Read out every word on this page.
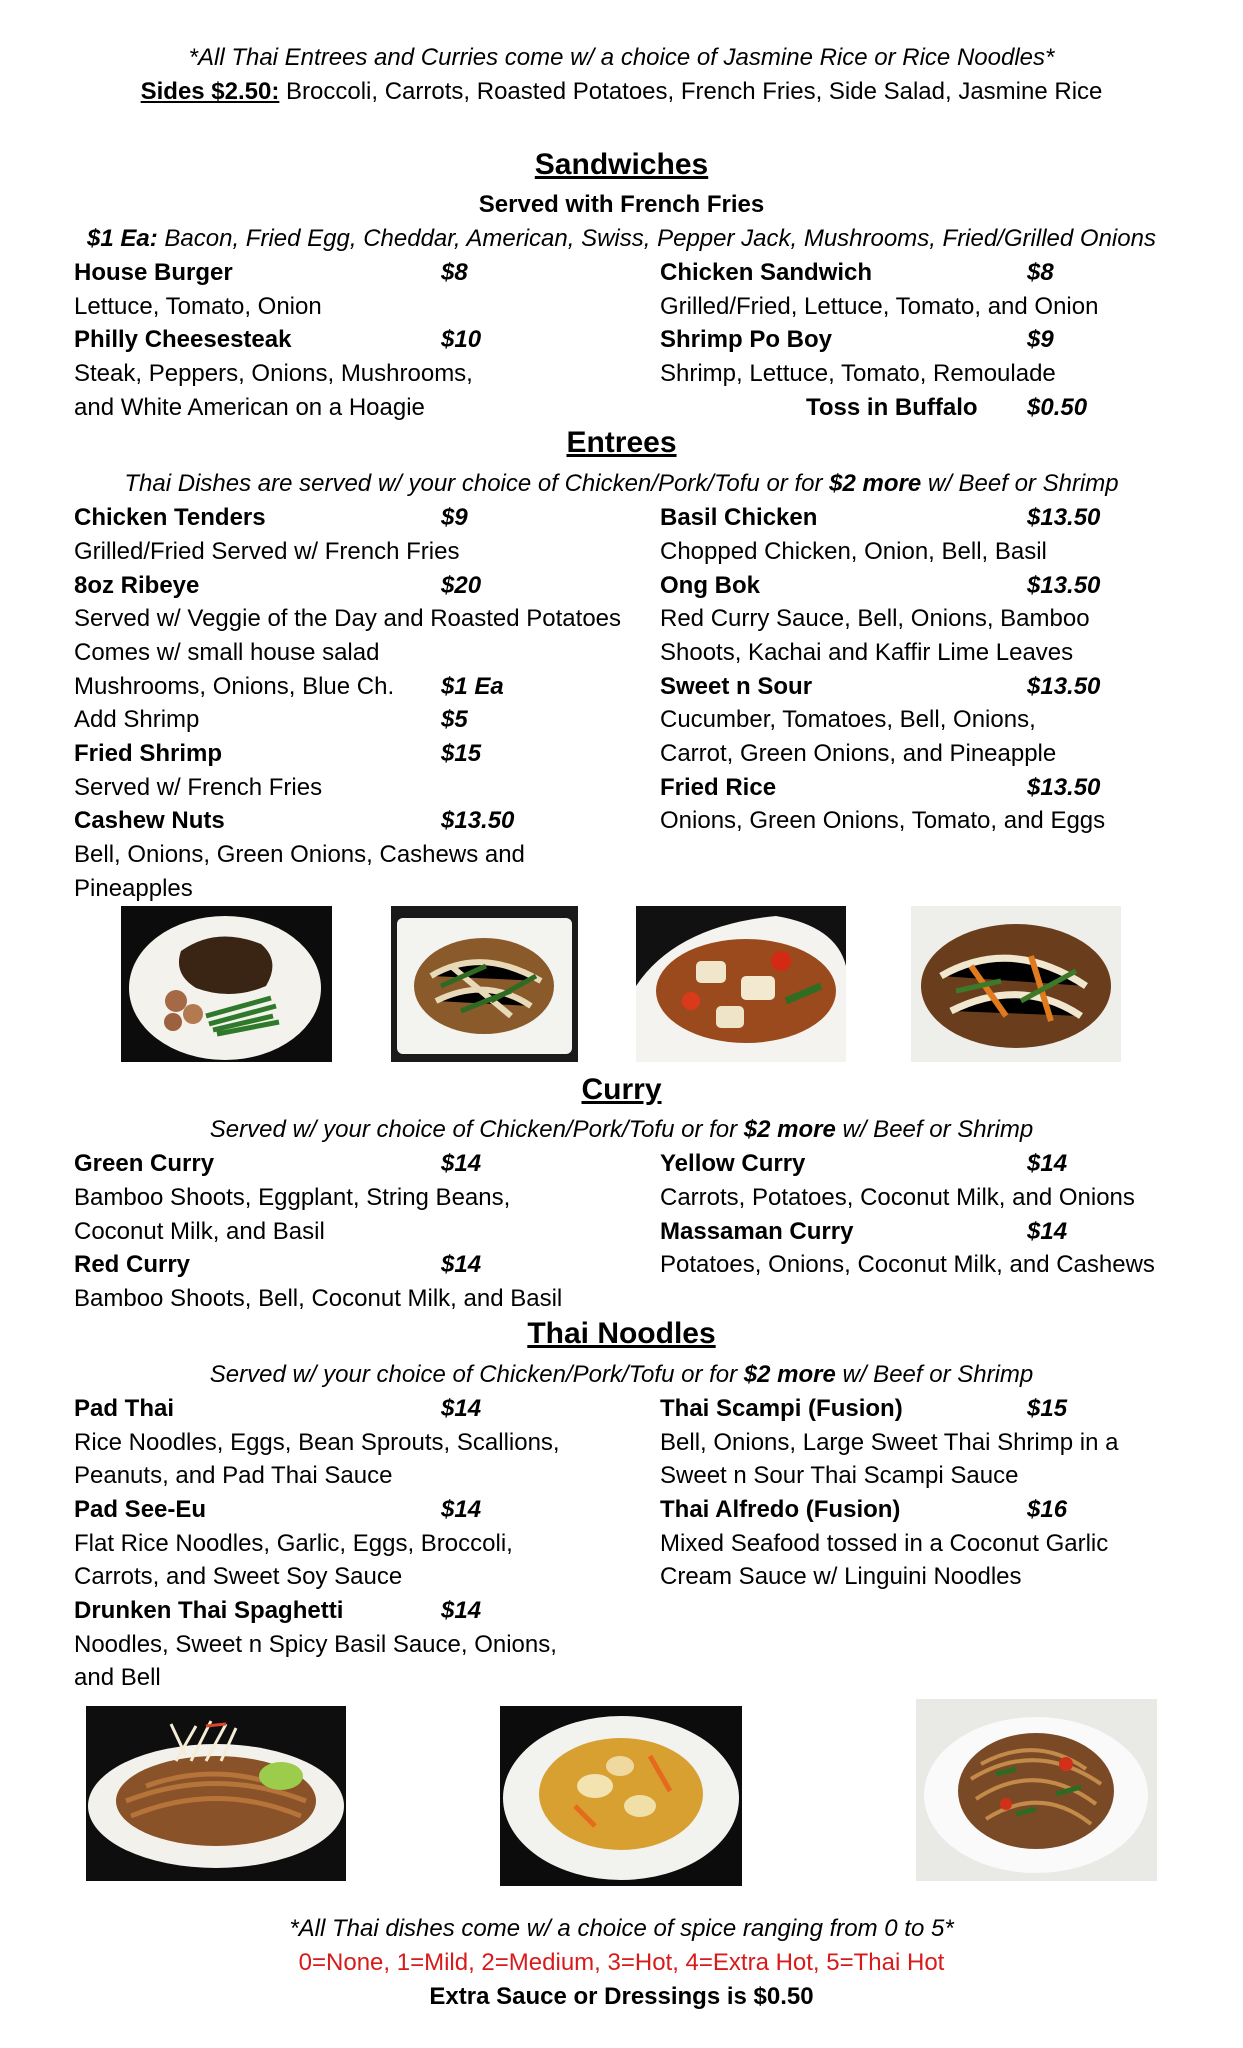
*All Thai Entrees and Curries come w/ a choice of Jasmine Rice or Rice Noodles*
Sides $2.50: Broccoli, Carrots, Roasted Potatoes, French Fries, Side Salad, Jasmine Rice
Sandwiches
Served with French Fries
$1 Ea: Bacon, Fried Egg, Cheddar, American, Swiss, Pepper Jack, Mushrooms, Fried/Grilled Onions
House Burger	$8
Lettuce, Tomato, Onion
Philly Cheesesteak	$10
Steak, Peppers, Onions, Mushrooms,
and White American on a Hoagie
Chicken Sandwich	$8
Grilled/Fried, Lettuce, Tomato, and Onion
Shrimp Po Boy	$9
Shrimp, Lettuce, Tomato, Remoulade
Toss in Buffalo $0.50
Entrees
Thai Dishes are served w/ your choice of Chicken/Pork/Tofu or for $2 more w/ Beef or Shrimp
Chicken Tenders	$9
Grilled/Fried Served w/ French Fries
8oz Ribeye	$20
Served w/ Veggie of the Day and Roasted Potatoes
Comes w/ small house salad
Mushrooms, Onions, Blue Ch. $1 Ea
Add Shrimp	$5
Fried Shrimp	$15
Served w/ French Fries
Cashew Nuts	$13.50
Bell, Onions, Green Onions, Cashews and
Pineapples
Basil Chicken	$13.50
Chopped Chicken, Onion, Bell, Basil
Ong Bok	$13.50
Red Curry Sauce, Bell, Onions, Bamboo
Shoots, Kachai and Kaffir Lime Leaves
Sweet n Sour	$13.50
Cucumber, Tomatoes, Bell, Onions,
Carrot, Green Onions, and Pineapple
Fried Rice	$13.50
Onions, Green Onions, Tomato, and Eggs
Curry
Served w/ your choice of Chicken/Pork/Tofu or for $2 more w/ Beef or Shrimp
Green Curry	$14
Bamboo Shoots, Eggplant, String Beans,
Coconut Milk, and Basil
Red Curry	$14
Bamboo Shoots, Bell, Coconut Milk, and Basil
Yellow Curry	$14
Carrots, Potatoes, Coconut Milk, and Onions
Massaman Curry	$14
Potatoes, Onions, Coconut Milk, and Cashews
Thai Noodles
Served w/ your choice of Chicken/Pork/Tofu or for $2 more w/ Beef or Shrimp
Pad Thai	$14
Rice Noodles, Eggs, Bean Sprouts, Scallions,
Peanuts, and Pad Thai Sauce
Pad See-Eu	$14
Flat Rice Noodles, Garlic, Eggs, Broccoli,
Carrots, and Sweet Soy Sauce
Drunken Thai Spaghetti	$14
Noodles, Sweet n Spicy Basil Sauce, Onions,
and Bell
Thai Scampi (Fusion)	$15
Bell, Onions, Large Sweet Thai Shrimp in a
Sweet n Sour Thai Scampi Sauce
Thai Alfredo (Fusion)	$16
Mixed Seafood tossed in a Coconut Garlic
Cream Sauce w/ Linguini Noodles
*All Thai dishes come w/ a choice of spice ranging from 0 to 5*
0=None, 1=Mild, 2=Medium, 3=Hot, 4=Extra Hot, 5=Thai Hot
Extra Sauce or Dressings is $0.50
